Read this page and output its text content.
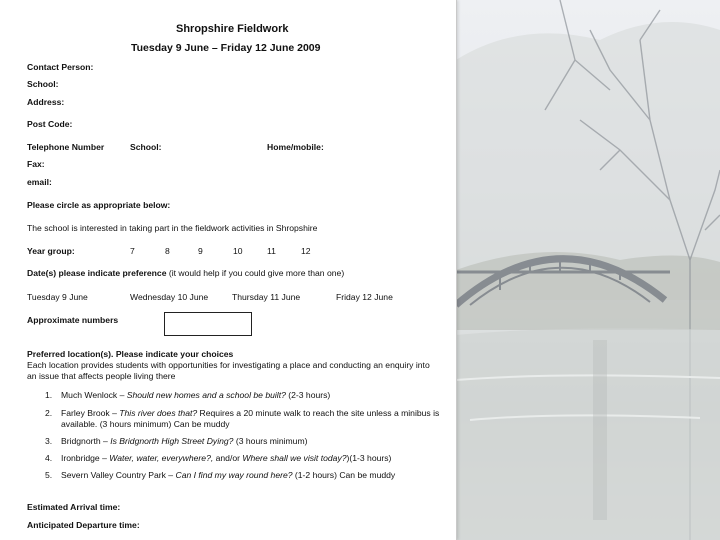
Shropshire Fieldwork
Tuesday 9 June – Friday 12 June 2009
Contact Person:
School:
Address:
Post Code:
Telephone Number	School:	Home/mobile:
Fax:
email:
Please circle as appropriate below:
The school is interested in taking part in the fieldwork activities in Shropshire
Year group:	7	8	9	10	11	12
Date(s) please indicate preference (it would help if you could give more than one)
Tuesday 9 June	Wednesday 10 June	Thursday 11 June	Friday 12 June
Approximate numbers
Preferred location(s). Please indicate your choices
Each location provides students with opportunities for investigating a place and conducting an enquiry into an issue that affects people living there
1. Much Wenlock – Should new homes and a school be built? (2-3 hours)
2. Farley Brook – This river does that? Requires a 20 minute walk to reach the site unless a minibus is available. (3 hours minimum) Can be muddy
3. Bridgnorth – Is Bridgnorth High Street Dying? (3 hours minimum)
4. Ironbridge – Water, water, everywhere?, and/or Where shall we visit today?)(1-3 hours)
5. Severn Valley Country Park – Can I find my way round here? (1-2 hours) Can be muddy
Estimated Arrival time:
Anticipated Departure time:
